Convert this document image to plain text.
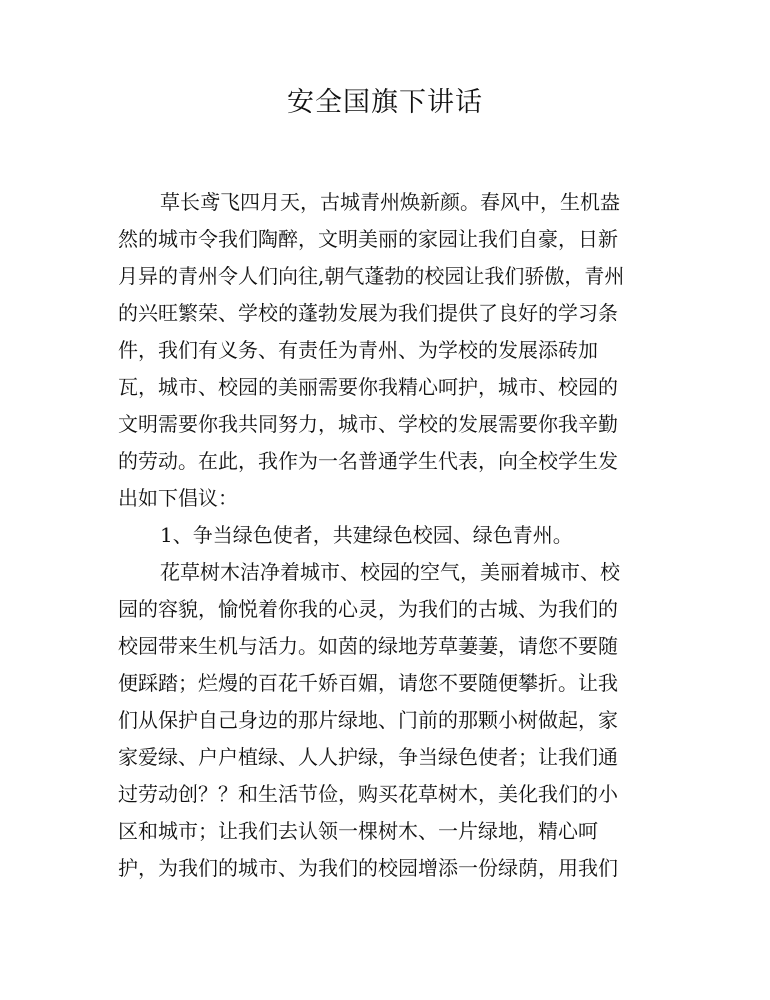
安全国旗下讲话
草长鸢飞四月天，古城青州焕新颜。春风中，生机盎
然的城市令我们陶醉，文明美丽的家园让我们自豪，日新
月异的青州令人们向往,朝气蓬勃的校园让我们骄傲，青州
的兴旺繁荣、学校的蓬勃发展为我们提供了良好的学习条
件，我们有义务、有责任为青州、为学校的发展添砖加
瓦，城市、校园的美丽需要你我精心呵护，城市、校园的
文明需要你我共同努力，城市、学校的发展需要你我辛勤
的劳动。在此，我作为一名普通学生代表，向全校学生发
出如下倡议：
1、争当绿色使者，共建绿色校园、绿色青州。
花草树木洁净着城市、校园的空气，美丽着城市、校
园的容貌，愉悦着你我的心灵，为我们的古城、为我们的
校园带来生机与活力。如茵的绿地芳草萋萋，请您不要随
便踩踏；烂熳的百花千娇百媚，请您不要随便攀折。让我
们从保护自己身边的那片绿地、门前的那颗小树做起，家
家爱绿、户户植绿、人人护绿，争当绿色使者；让我们通
过劳动创？？和生活节俭，购买花草树木，美化我们的小
区和城市；让我们去认领一棵树木、一片绿地，精心呵
护，为我们的城市、为我们的校园增添一份绿荫，用我们
